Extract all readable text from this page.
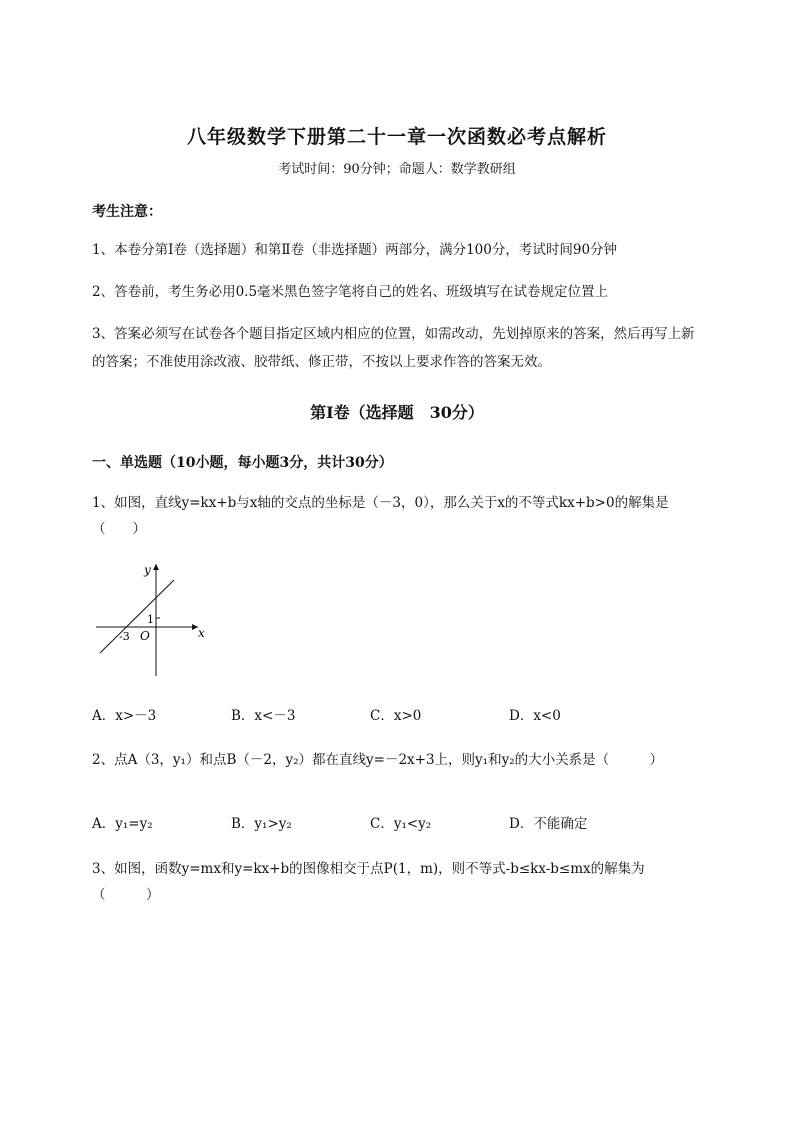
八年级数学下册第二十一章一次函数必考点解析
考试时间：90分钟；命题人：数学教研组
考生注意：
1、本卷分第I卷（选择题）和第Ⅱ卷（非选择题）两部分，满分100分，考试时间90分钟
2、答卷前，考生务必用0.5毫米黑色签字笔将自己的姓名、班级填写在试卷规定位置上
3、答案必须写在试卷各个题目指定区域内相应的位置，如需改动，先划掉原来的答案，然后再写上新
的答案；不准使用涂改液、胶带纸、修正带，不按以上要求作答的答案无效。
第I卷（选择题　30分）
一、单选题（10小题，每小题3分，共计30分）
1、如图，直线y=kx+b与x轴的交点的坐标是（－3，0），那么关于x的不等式kx+b>0的解集是
（　　）
y
x
O
1
-3
A．x>－3	B．x<－3	C．x>0	D．x<0
2、点A（3，y₁）和点B（－2，y₂）都在直线y=－2x+3上，则y₁和y₂的大小关系是（　　　）
A．y₁=y₂	B．y₁>y₂	C．y₁<y₂	D．不能确定
3、如图，函数y=mx和y=kx+b的图像相交于点P(1，m)，则不等式-b≤kx-b≤mx的解集为
（　　　）
